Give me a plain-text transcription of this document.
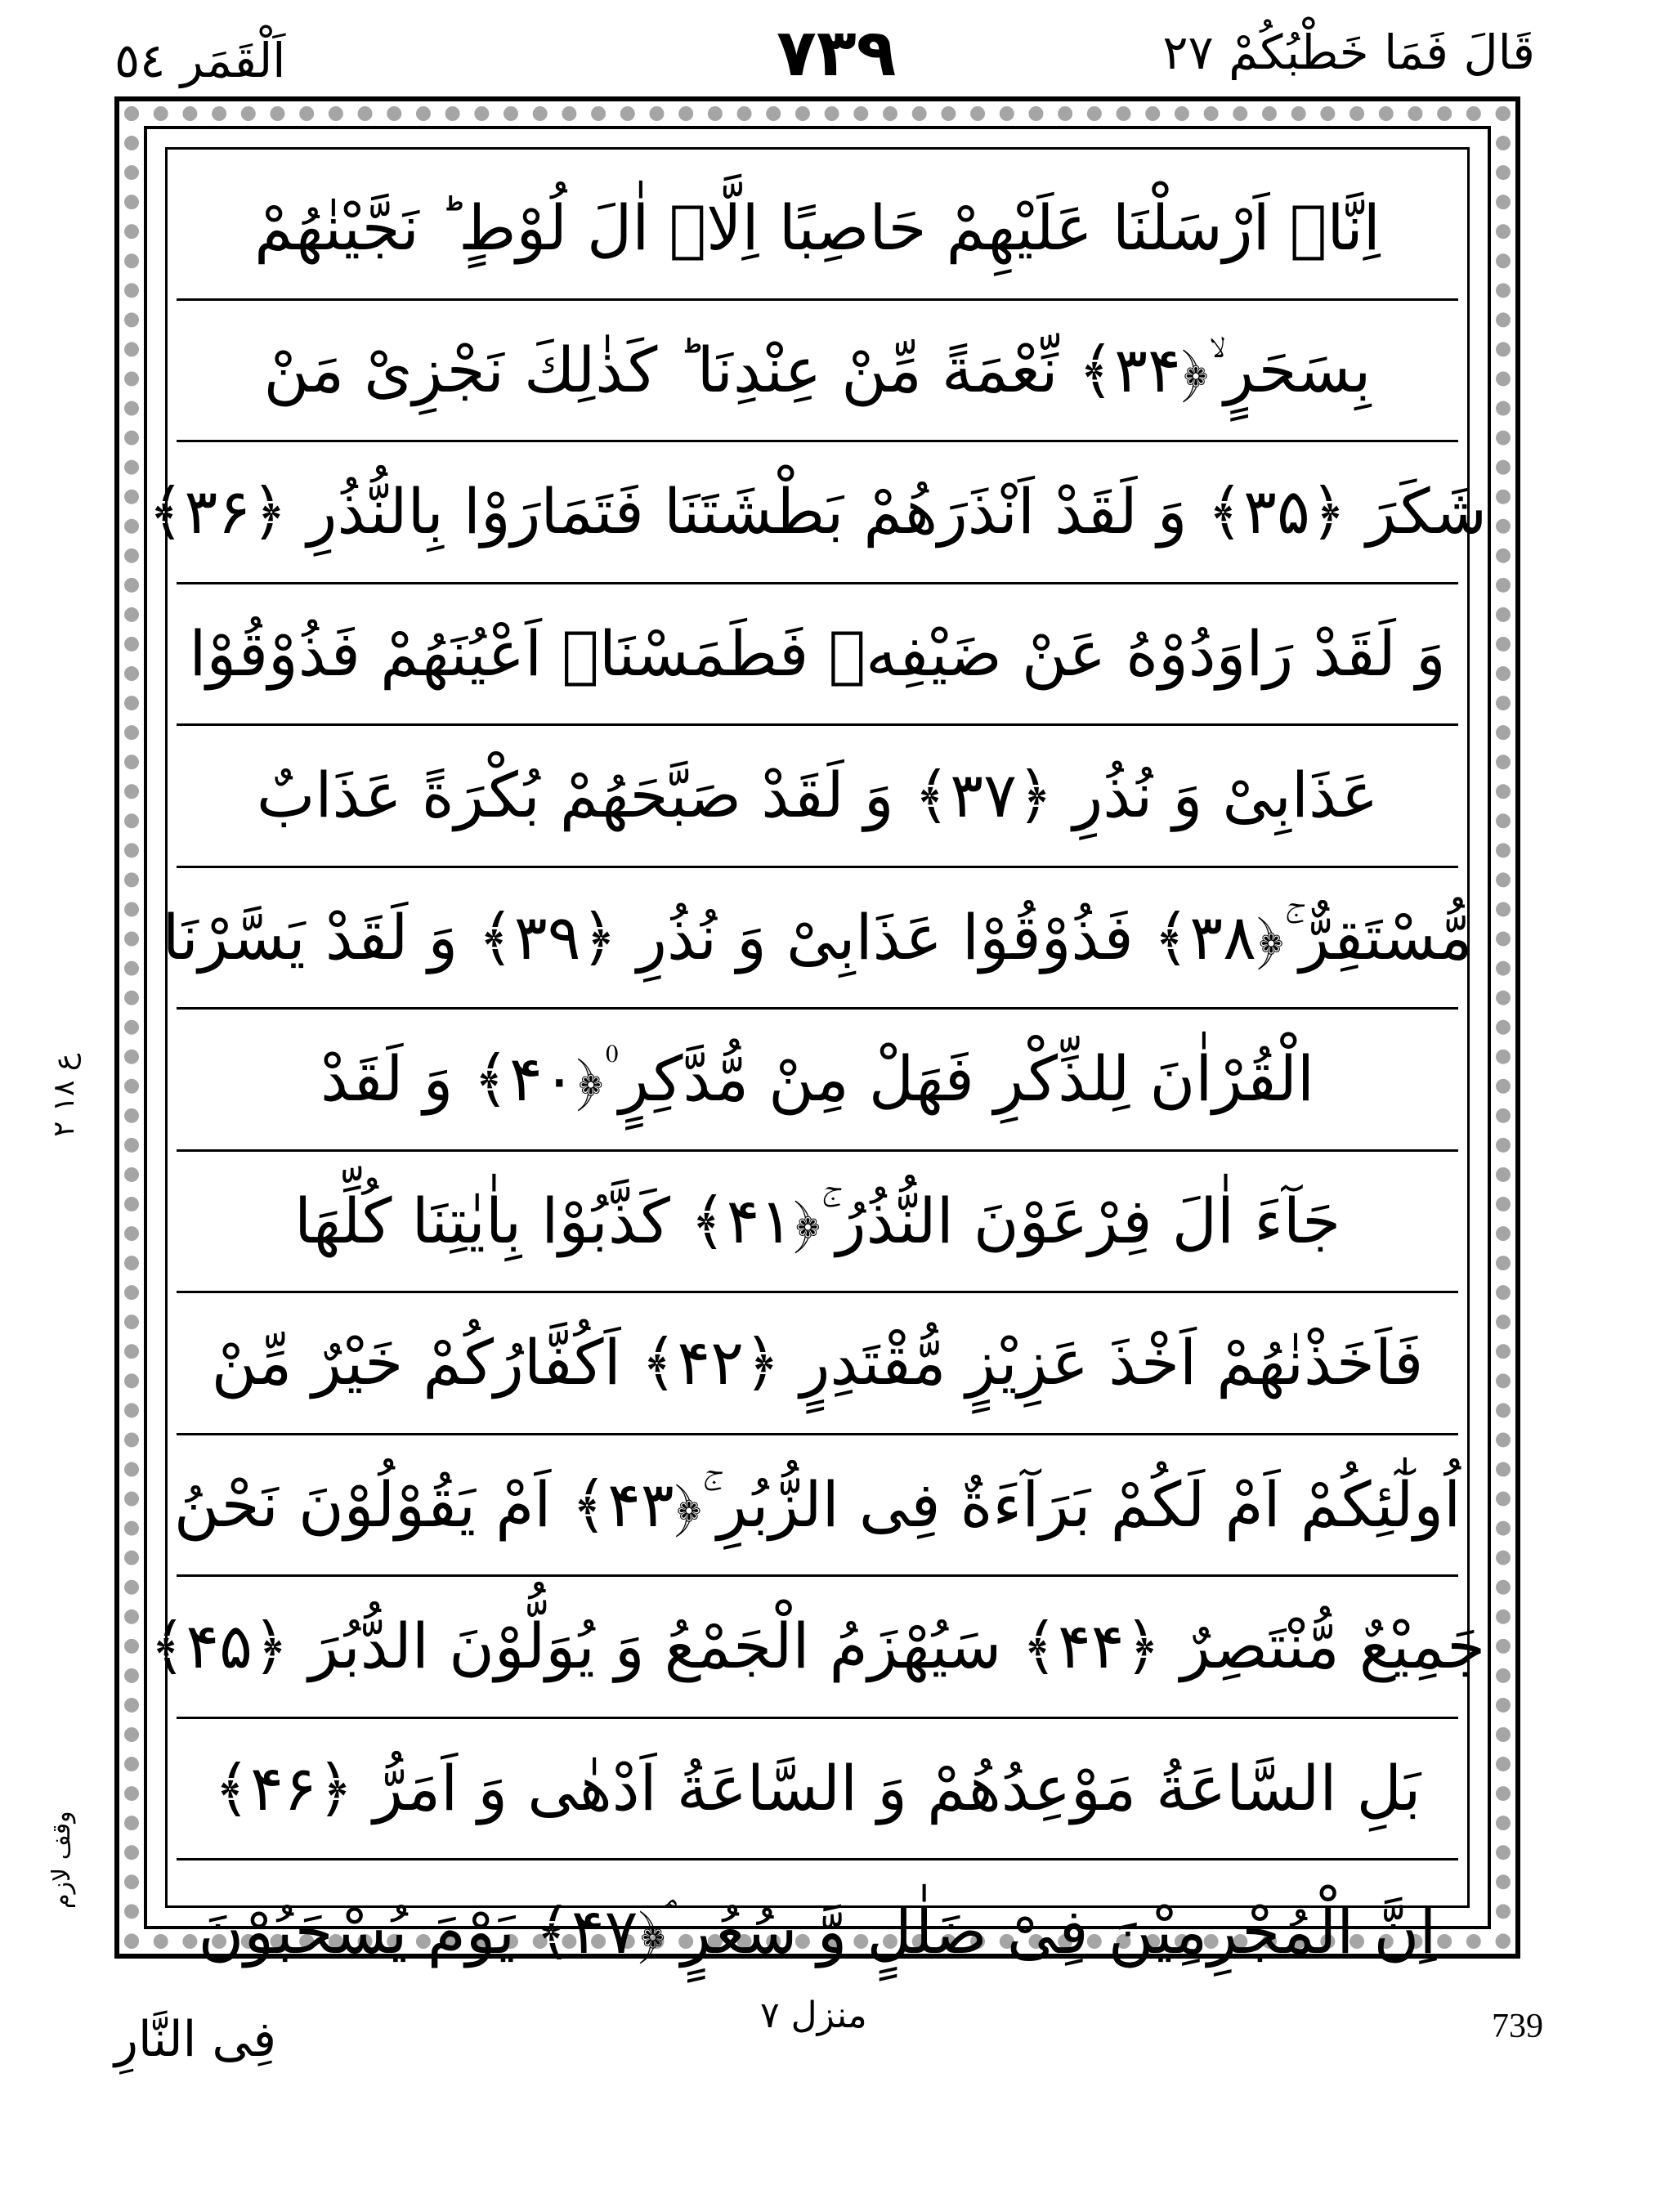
قَالَ فَمَا خَطْبُكُمْ ٢٧
٧٣٩
اَلْقَمَر ٥٤
اِنَّاۤ اَرْسَلْنَا عَلَیْهِمْ حَاصِبًا اِلَّاۤ اٰلَ لُوْطٍ ؕ نَجَّیْنٰهُمْ
بِسَحَرٍ ۙ﴿۳۴﴾ نِّعْمَةً مِّنْ عِنْدِنَا ؕ كَذٰلِكَ نَجْزِیْ مَنْ
شَكَرَ ﴿۳۵﴾ وَ لَقَدْ اَنْذَرَهُمْ بَطْشَتَنَا فَتَمَارَوْا بِالنُّذُرِ ﴿۳۶﴾
وَ لَقَدْ رَاوَدُوْهُ عَنْ ضَیْفِهٖ فَطَمَسْنَاۤ اَعْیُنَهُمْ فَذُوْقُوْا
عَذَابِیْ وَ نُذُرِ ﴿۳۷﴾ وَ لَقَدْ صَبَّحَهُمْ بُكْرَةً عَذَابٌ
مُّسْتَقِرٌّ ۚ﴿۳۸﴾ فَذُوْقُوْا عَذَابِیْ وَ نُذُرِ ﴿۳۹﴾ وَ لَقَدْ یَسَّرْنَا
الْقُرْاٰنَ لِلذِّكْرِ فَهَلْ مِنْ مُّدَّكِرٍ ۠﴿۴۰﴾ وَ لَقَدْ
جَآءَ اٰلَ فِرْعَوْنَ النُّذُرُ ۚ﴿۴۱﴾ كَذَّبُوْا بِاٰیٰتِنَا كُلِّهَا
فَاَخَذْنٰهُمْ اَخْذَ عَزِیْزٍ مُّقْتَدِرٍ ﴿۴۲﴾ اَكُفَّارُكُمْ خَیْرٌ مِّنْ
اُولٰٓئِكُمْ اَمْ لَكُمْ بَرَآءَةٌ فِی الزُّبُرِ ۚ﴿۴۳﴾ اَمْ یَقُوْلُوْنَ نَحْنُ
جَمِیْعٌ مُّنْتَصِرٌ ﴿۴۴﴾ سَیُهْزَمُ الْجَمْعُ وَ یُوَلُّوْنَ الدُّبُرَ ﴿۴۵﴾
بَلِ السَّاعَةُ مَوْعِدُهُمْ وَ السَّاعَةُ اَدْهٰی وَ اَمَرُّ ﴿۴۶﴾
اِنَّ الْمُجْرِمِیْنَ فِیْ ضَلٰلٍ وَّ سُعُرٍ ۘ﴿۴۷﴾ یَوْمَ یُسْحَبُوْنَ
ع ۱۸ ۲
وقف لازم
فِی النَّارِ	منزل ۷	739
